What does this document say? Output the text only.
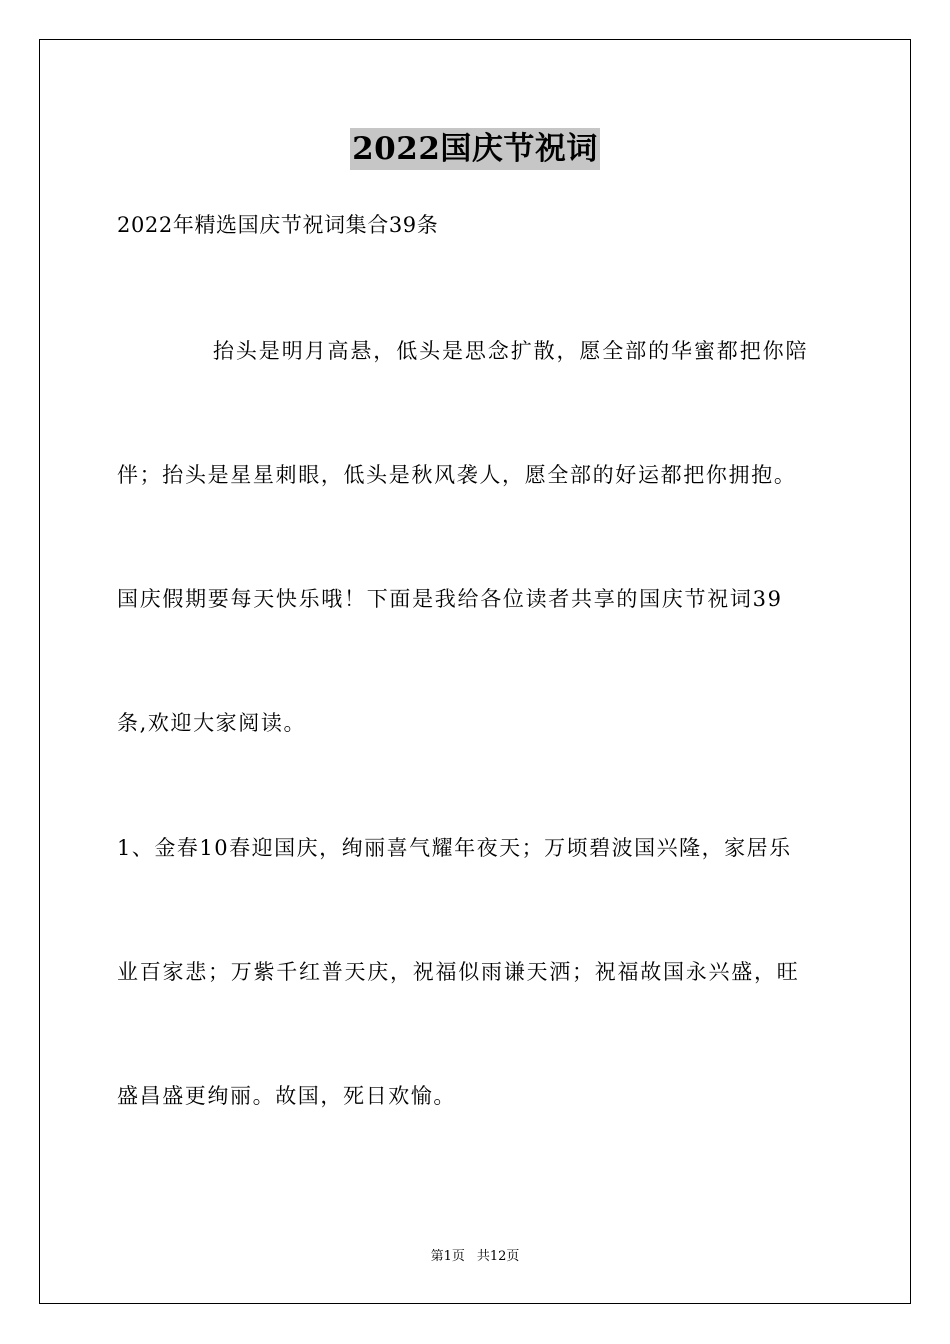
2022国庆节祝词
2022年精选国庆节祝词集合39条
抬头是明月高悬，低头是思念扩散，愿全部的华蜜都把你陪
伴；抬头是星星刺眼，低头是秋风袭人，愿全部的好运都把你拥抱。
国庆假期要每天快乐哦！下面是我给各位读者共享的国庆节祝词39
条,欢迎大家阅读。
1、金春10春迎国庆，绚丽喜气耀年夜天；万顷碧波国兴隆，家居乐
业百家悲；万紫千红普天庆，祝福似雨谦天洒；祝福故国永兴盛，旺
盛昌盛更绚丽。故国，死日欢愉。
第1页 共12页
